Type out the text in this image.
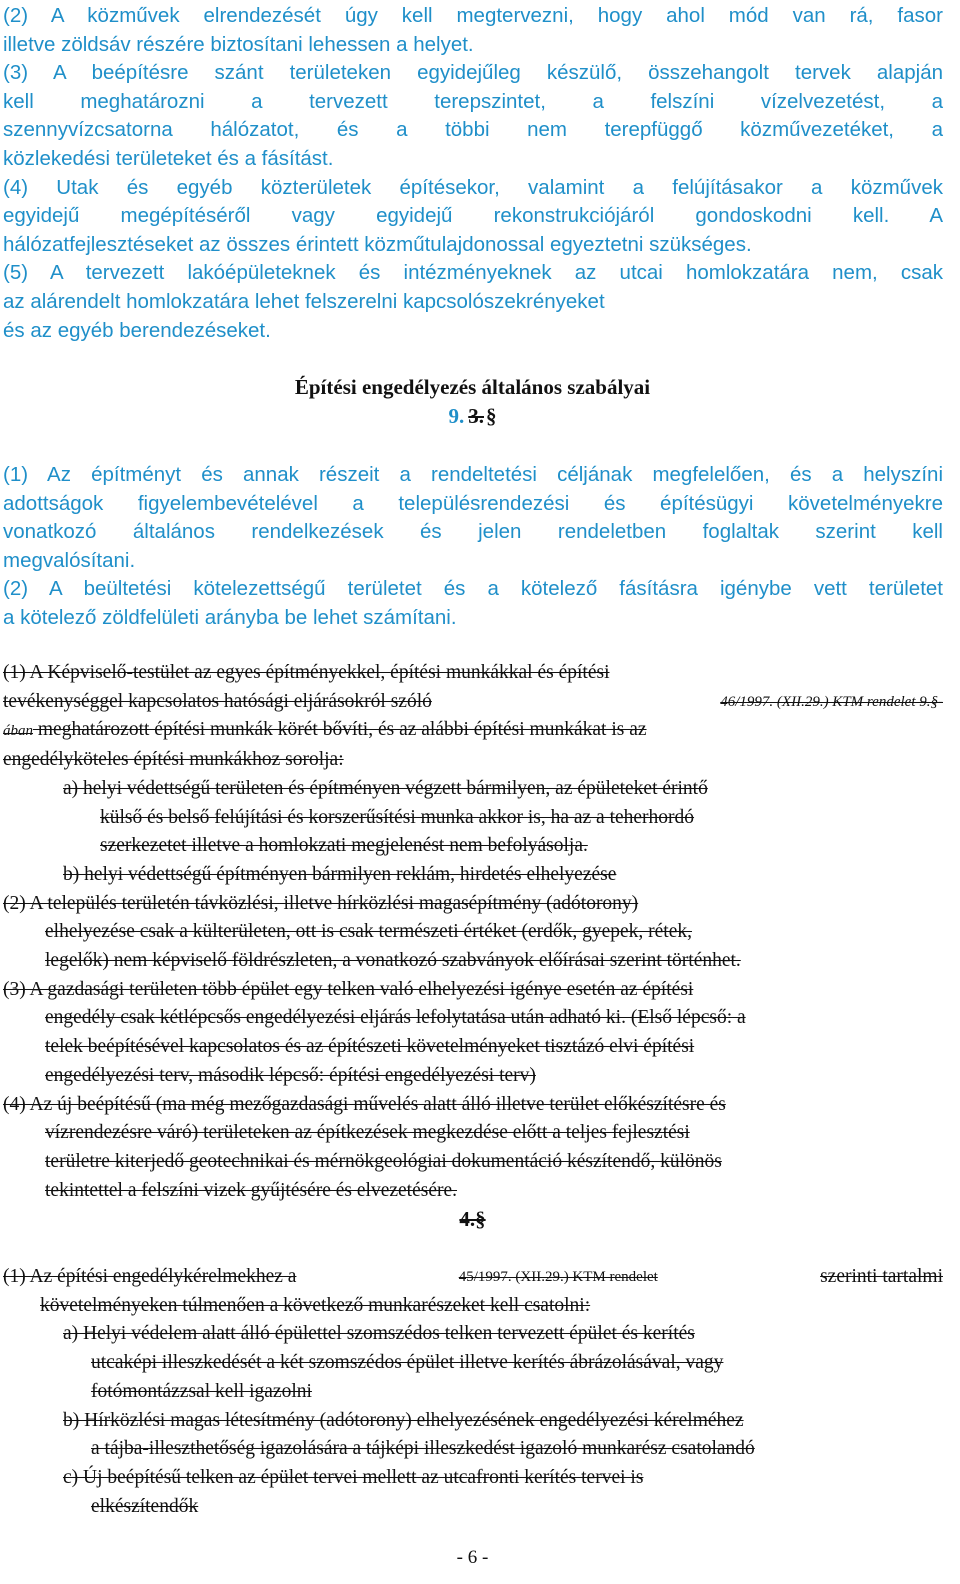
(2) A közművek elrendezését úgy kell megtervezni, hogy ahol mód van rá, fasor

illetve zöldsáv részére biztosítani lehessen a helyet.

(3) A beépítésre szánt területeken egyidejűleg készülő, összehangolt tervek alapján

kell meghatározni a tervezett terepszintet, a felszíni vízelvezetést, a

szennyvízcsatorna hálózatot, és a többi nem terepfüggő közművezetéket, a

közlekedési területeket és a fásítást.

(4) Utak és egyéb közterületek építésekor, valamint a felújításakor a közművek

egyidejű megépítéséről vagy egyidejű rekonstrukciójáról gondoskodni kell. A

hálózatfejlesztéseket az összes érintett közműtulajdonossal egyeztetni szükséges.

(5) A tervezett lakóépületeknek és intézményeknek az utcai homlokzatára nem, csak

az alárendelt homlokzatára lehet felszerelni kapcsolószekrényeket

és az egyéb berendezéseket.

Építési engedélyezés általános szabályai
9. 3.§

(1) Az építményt és annak részeit a rendeltetési céljának megfelelően, és a helyszíni

adottságok figyelembevételével a településrendezési és építésügyi követelményekre

vonatkozó általános rendelkezések és jelen rendeletben foglaltak szerint kell

megvalósítani.

(2) A beültetési kötelezettségű területet és a kötelező fásításra igénybe vett területet

a kötelező zöldfelületi arányba be lehet számítani.

(1) A Képviselő-testület az egyes építményekkel, építési munkákkal és építési
tevékenységgel kapcsolatos hatósági eljárásokról szóló	46/1997. (XII.29.) KTM rendelet 9.§-
ában meghatározott építési munkák körét bővíti, és az alábbi építési munkákat is az
engedélyköteles építési munkákhoz sorolja:
a) helyi védettségű területen és építményen végzett bármilyen, az épületeket érintő
külső és belső felújítási és korszerűsítési munka akkor is, ha az a teherhordó
szerkezetet illetve a homlokzati megjelenést nem befolyásolja.
b) helyi védettségű építményen bármilyen reklám, hirdetés elhelyezése
(2) A település területén távközlési, illetve hírközlési magasépítmény (adótorony)
elhelyezése csak a külterületen, ott is csak természeti értéket (erdők, gyepek, rétek,
legelők) nem képviselő földrészleten, a vonatkozó szabványok előírásai szerint történhet.
(3) A gazdasági területen több épület egy telken való elhelyezési igénye esetén az építési
engedély csak kétlépcsős engedélyezési eljárás lefolytatása után adható ki. (Első lépcső: a
telek beépítésével kapcsolatos és az építészeti követelményeket tisztázó elvi építési
engedélyezési terv, második lépcső: építési engedélyezési terv)
(4) Az új beépítésű (ma még mezőgazdasági művelés alatt álló illetve terület előkészítésre és
vízrendezésre váró) területeken az építkezések megkezdése előtt a teljes fejlesztési
területre kiterjedő geotechnikai és mérnökgeológiai dokumentáció készítendő, különös
tekintettel a felszíni vizek gyűjtésére és elvezetésére.
4.§
(1) Az építési engedélykérelmekhez a	45/1997. (XII.29.) KTM rendelet	szerinti tartalmi
követelményeken túlmenően a következő munkarészeket kell csatolni:
a) Helyi védelem alatt álló épülettel szomszédos telken tervezett épület és kerítés
utcaképi illeszkedését a két szomszédos épület illetve kerítés ábrázolásával, vagy
fotómontázzsal kell igazolni
b) Hírközlési magas létesítmény (adótorony) elhelyezésének engedélyezési kérelméhez
a tájba-illeszthetőség igazolására a tájképi illeszkedést igazoló munkarész csatolandó
c) Új beépítésű telken az épület tervei mellett az utcafronti kerítés tervei is
elkészítendők
- 6 -
